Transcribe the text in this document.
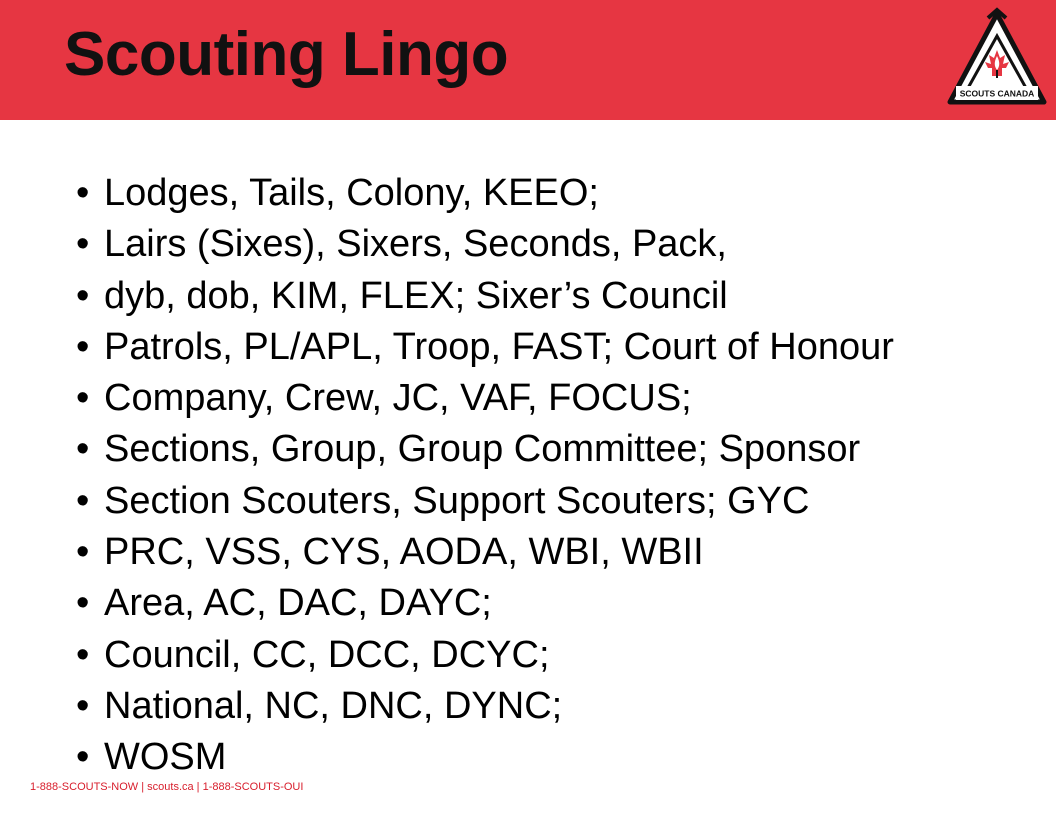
Scouting Lingo
SCOUTS CANADA
• Lodges, Tails, Colony, KEEO;
• Lairs (Sixes), Sixers, Seconds, Pack,
• dyb, dob, KIM, FLEX; Sixer’s Council
• Patrols, PL/APL, Troop, FAST; Court of Honour
• Company, Crew, JC, VAF, FOCUS;
• Sections, Group, Group Committee; Sponsor
• Section Scouters, Support Scouters; GYC
• PRC, VSS, CYS, AODA, WBI, WBII
• Area, AC, DAC, DAYC;
• Council, CC, DCC, DCYC;
• National, NC, DNC, DYNC;
• WOSM
1-888-SCOUTS-NOW | scouts.ca | 1-888-SCOUTS-OUI
